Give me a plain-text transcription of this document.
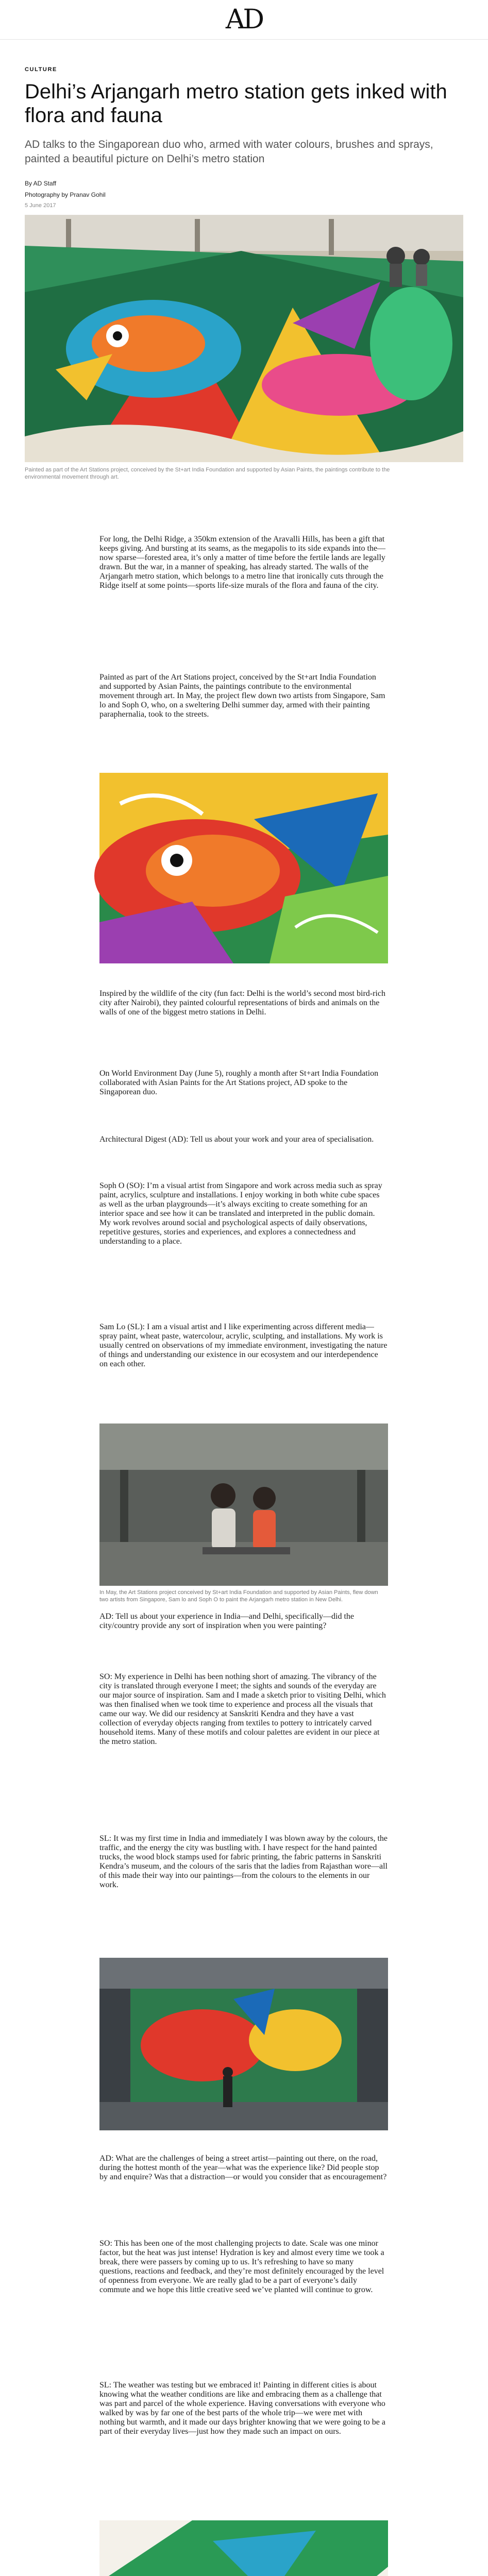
AD
CULTURE
Delhi’s Arjangarh metro station gets inked with flora and fauna
AD talks to the Singaporean duo who, armed with water colours, brushes and sprays, painted a beautiful picture on Delhi’s metro station
By AD Staff
Photography by Pranav Gohil
5 June 2017
Painted as part of the Art Stations project, conceived by the St+art India Foundation and supported by Asian Paints, the paintings contribute to the environmental movement through art.

For long, the Delhi Ridge, a 350km extension of the Aravalli Hills, has been a gift that keeps giving. And bursting at its seams, as the megapolis to its side expands into the—now sparse—forested area, it’s only a matter of time before the fertile lands are legally drawn. But the war, in a manner of speaking, has already started. The walls of the Arjangarh metro station, which belongs to a metro line that ironically cuts through the Ridge itself at some points—sports life-size murals of the flora and fauna of the city.

Painted as part of the Art Stations project, conceived by the St+art India Foundation and supported by Asian Paints, the paintings contribute to the environmental movement through art. In May, the project flew down two artists from Singapore, Sam lo and Soph O, who, on a sweltering Delhi summer day, armed with their painting paraphernalia, took to the streets.

Inspired by the wildlife of the city (fun fact: Delhi is the world’s second most bird-rich city after Nairobi), they painted colourful representations of birds and animals on the walls of one of the biggest metro stations in Delhi.

On World Environment Day (June 5), roughly a month after St+art India Foundation collaborated with Asian Paints for the Art Stations project, AD spoke to the Singaporean duo.

Architectural Digest (AD): Tell us about your work and your area of specialisation.

Soph O (SO): I’m a visual artist from Singapore and work across media such as spray paint, acrylics, sculpture and installations. I enjoy working in both white cube spaces as well as the urban playgrounds—it’s always exciting to create something for an interior space and see how it can be translated and interpreted in the public domain. My work revolves around social and psychological aspects of daily observations, repetitive gestures, stories and experiences, and explores a connectedness and understanding to a place.

Sam Lo (SL): I am a visual artist and I like experimenting across different media—spray paint, wheat paste, watercolour, acrylic, sculpting, and installations. My work is usually centred on observations of my immediate environment, investigating the nature of things and understanding our existence in our ecosystem and our interdependence on each other.

In May, the Art Stations project conceived by St+art India Foundation and supported by Asian Paints, flew down two artists from Singapore, Sam lo and Soph O to paint the Arjangarh metro station in New Delhi.

AD: Tell us about your experience in India—and Delhi, specifically—did the city/country provide any sort of inspiration when you were painting?

SO: My experience in Delhi has been nothing short of amazing. The vibrancy of the city is translated through everyone I meet; the sights and sounds of the everyday are our major source of inspiration. Sam and I made a sketch prior to visiting Delhi, which was then finalised when we took time to experience and process all the visuals that came our way. We did our residency at Sanskriti Kendra and they have a vast collection of everyday objects ranging from textiles to pottery to intricately carved household items. Many of these motifs and colour palettes are evident in our piece at the metro station.

SL: It was my first time in India and immediately I was blown away by the colours, the traffic, and the energy the city was bustling with. I have respect for the hand painted trucks, the wood block stamps used for fabric printing, the fabric patterns in Sanskriti Kendra’s museum, and the colours of the saris that the ladies from Rajasthan wore—all of this made their way into our paintings—from the colours to the elements in our work.

AD: What are the challenges of being a street artist—painting out there, on the road, during the hottest month of the year—what was the experience like? Did people stop by and enquire? Was that a distraction—or would you consider that as encouragement?

SO: This has been one of the most challenging projects to date. Scale was one minor factor, but the heat was just intense! Hydration is key and almost every time we took a break, there were passers by coming up to us. It’s refreshing to have so many questions, reactions and feedback, and they’re most definitely encouraged by the level of openness from everyone. We are really glad to be a part of everyone’s daily commute and we hope this little creative seed we’ve planted will continue to grow.

SL: The weather was testing but we embraced it! Painting in different cities is about knowing what the weather conditions are like and embracing them as a challenge that was part and parcel of the whole experience. Having conversations with everyone who walked by was by far one of the best parts of the whole trip—we were met with nothing but warmth, and it made our days brighter knowing that we were going to be a part of their everyday lives—just how they made such an impact on ours.
